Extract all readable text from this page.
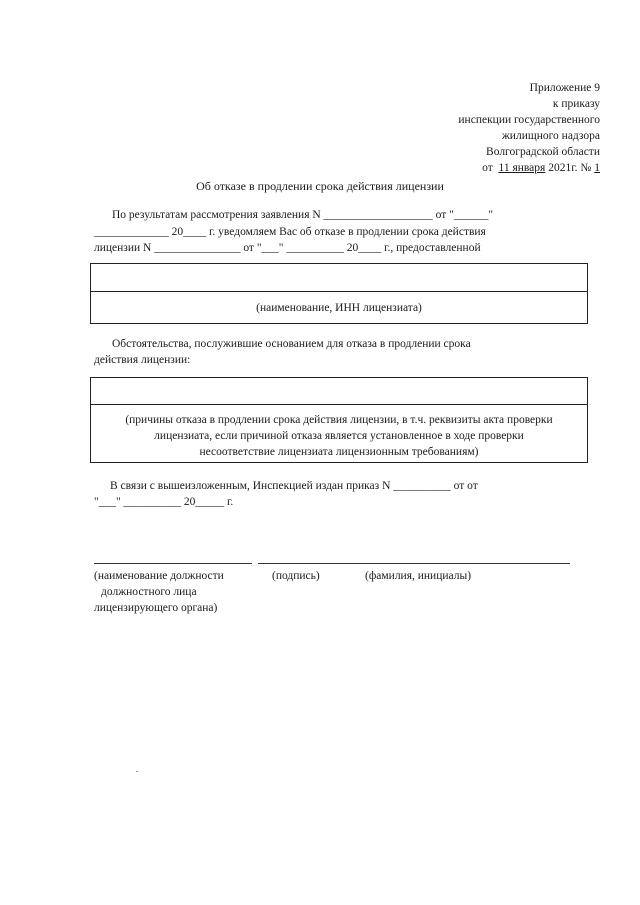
Приложение 9
к приказу
инспекции государственного
жилищного надзора
Волгоградской области
от 11 января 2021г. № 1
Об отказе в продлении срока действия лицензии
По результатам рассмотрения заявления N ___________________ от "______"
_____________ 20____ г. уведомляем Вас об отказе в продлении срока действия
лицензии N _______________ от "___" __________ 20____ г., предоставленной
(наименование, ИНН лицензиата)
Обстоятельства, послужившие основанием для отказа в продлении срока
действия лицензии:
(причины отказа в продлении срока действия лицензии, в т.ч. реквизиты акта проверки
лицензиата, если причиной отказа является установленное в ходе проверки
несоответствие лицензиата лицензионным требованиям)
В связи с вышеизложенным, Инспекцией издан приказ N __________ от от
"___" __________ 20_____ г.
(наименование должности
должностного лица
лицензирующего органа)
(подпись)	(фамилия, инициалы)
